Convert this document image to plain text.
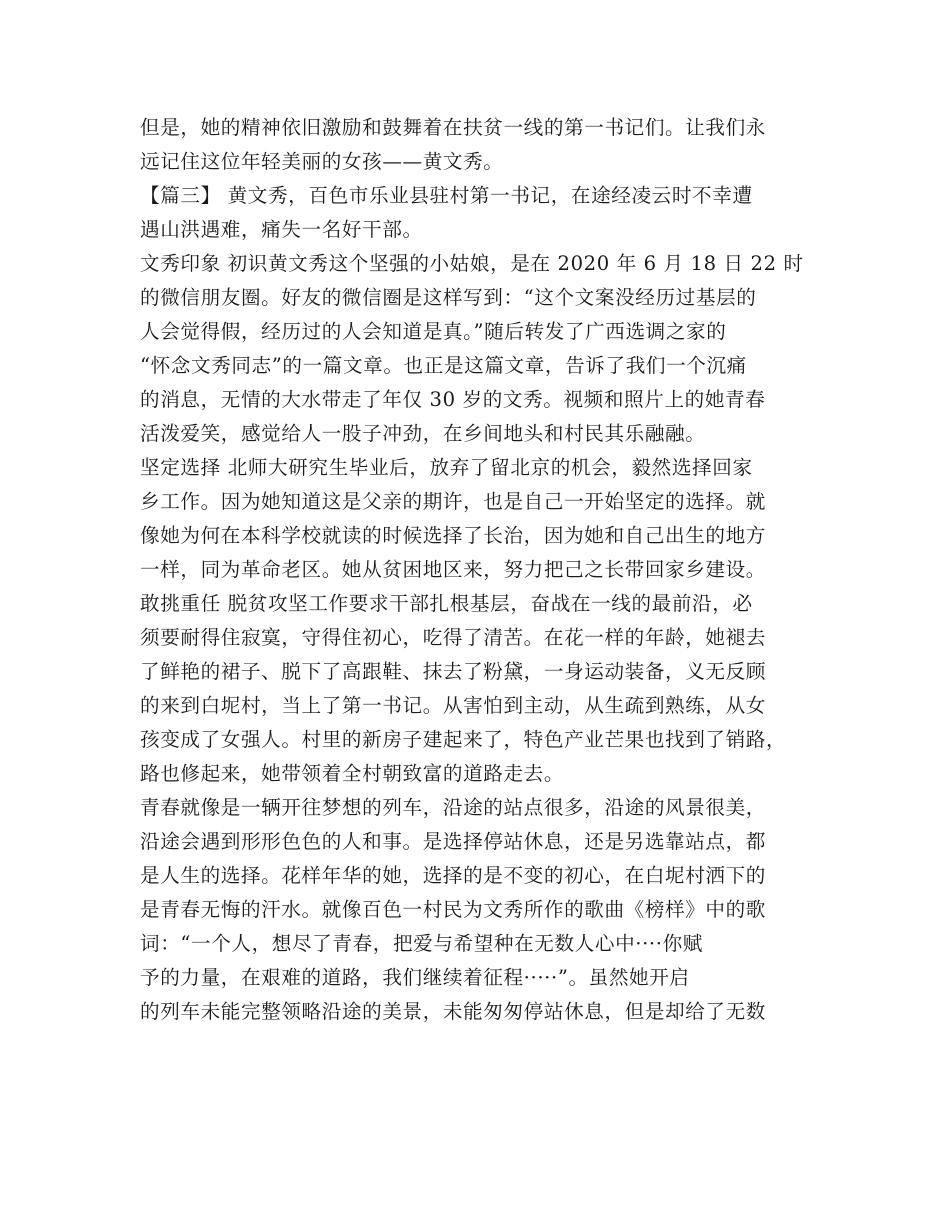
但是，她的精神依旧激励和鼓舞着在扶贫一线的第一书记们。让我们永
远记住这位年轻美丽的女孩——黄文秀。
【篇三】 黄文秀，百色市乐业县驻村第一书记，在途经凌云时不幸遭
遇山洪遇难，痛失一名好干部。
文秀印象 初识黄文秀这个坚强的小姑娘，是在 2020 年 6 月 18 日 22 时
的微信朋友圈。好友的微信圈是这样写到：“这个文案没经历过基层的
人会觉得假，经历过的人会知道是真。”随后转发了广西选调之家的
“怀念文秀同志”的一篇文章。也正是这篇文章，告诉了我们一个沉痛
的消息，无情的大水带走了年仅 30 岁的文秀。视频和照片上的她青春
活泼爱笑，感觉给人一股子冲劲，在乡间地头和村民其乐融融。
坚定选择 北师大研究生毕业后，放弃了留北京的机会，毅然选择回家
乡工作。因为她知道这是父亲的期许，也是自己一开始坚定的选择。就
像她为何在本科学校就读的时候选择了长治，因为她和自己出生的地方
一样，同为革命老区。她从贫困地区来，努力把己之长带回家乡建设。
敢挑重任 脱贫攻坚工作要求干部扎根基层，奋战在一线的最前沿，必
须要耐得住寂寞，守得住初心，吃得了清苦。在花一样的年龄，她褪去
了鲜艳的裙子、脱下了高跟鞋、抹去了粉黛，一身运动装备，义无反顾
的来到白坭村，当上了第一书记。从害怕到主动，从生疏到熟练，从女
孩变成了女强人。村里的新房子建起来了，特色产业芒果也找到了销路，
路也修起来，她带领着全村朝致富的道路走去。
青春就像是一辆开往梦想的列车，沿途的站点很多，沿途的风景很美，
沿途会遇到形形色色的人和事。是选择停站休息，还是另选靠站点，都
是人生的选择。花样年华的她，选择的是不变的初心，在白坭村洒下的
是青春无悔的汗水。就像百色一村民为文秀所作的歌曲《榜样》中的歌
词：“一个人，想尽了青春，把爱与希望种在无数人心中····你赋
予的力量，在艰难的道路，我们继续着征程·····”。虽然她开启
的列车未能完整领略沿途的美景，未能匆匆停站休息，但是却给了无数
